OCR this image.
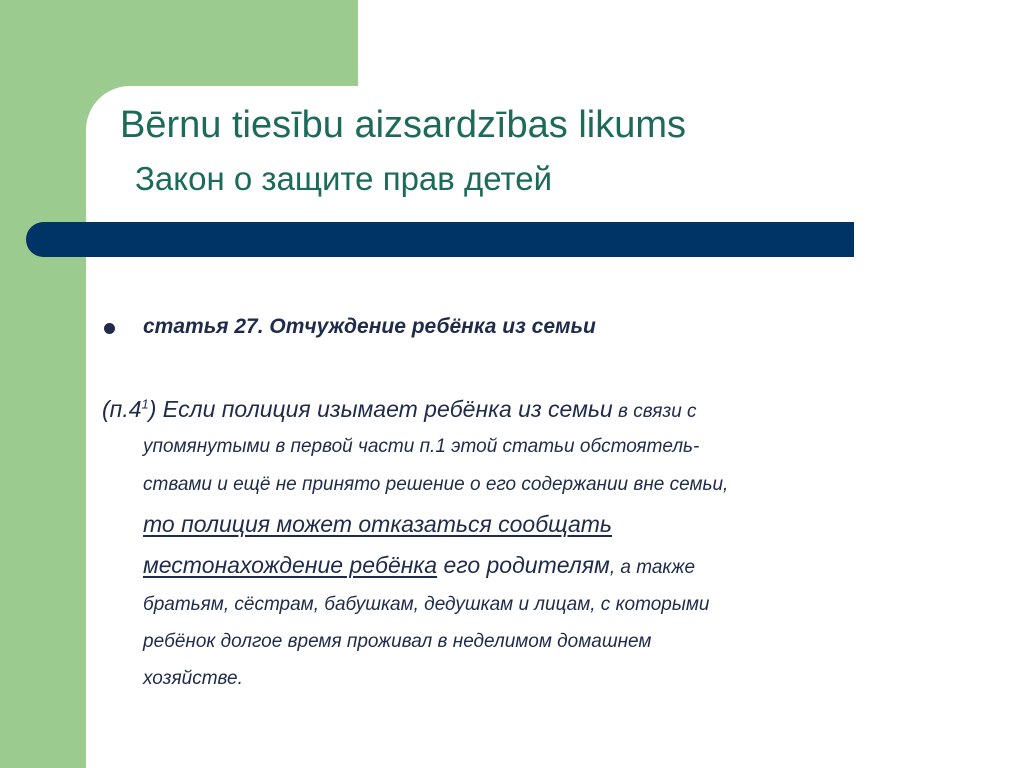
Bērnu tiesību aizsardzības likums
Закон о защите прав детей
статья 27. Отчуждение ребёнка из семьи
$(п.4^1)$ Если полиция изымает ребёнка из семьи в связи с
упомянутыми в первой части п.1 этой статьи обстоятель-
ствами и ещё не принято решение о его содержании вне семьи,
то полиция может отказаться сообщать
местонахождение ребёнка его родителям, а также
братьям, сёстрам, бабушкам, дедушкам и лицам, с которыми
ребёнок долгое время проживал в неделимом домашнем
хозяйстве.
